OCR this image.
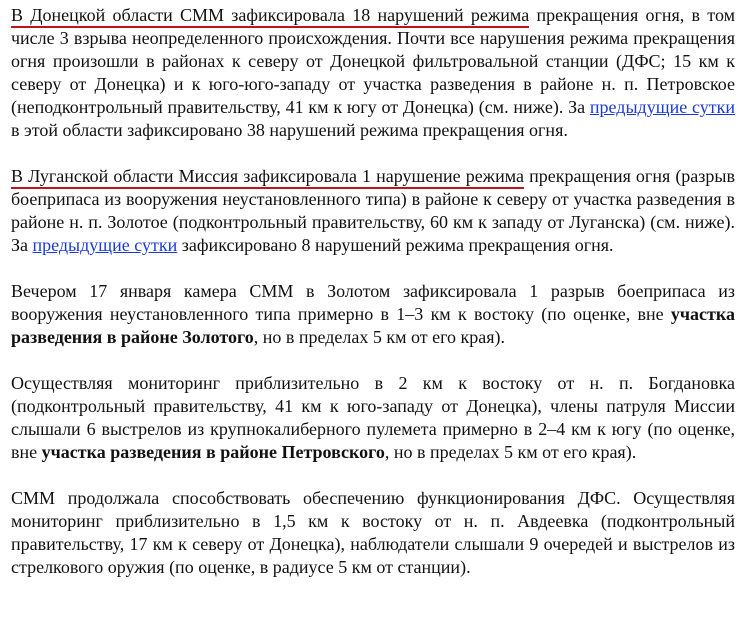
В Донецкой области СММ зафиксировала 18 нарушений режима прекращения огня, в том числе 3 взрыва неопределенного происхождения. Почти все нарушения режима прекращения огня произошли в районах к северу от Донецкой фильтровальной станции (ДФС; 15 км к северу от Донецка) и к юго-юго-западу от участка разведения в районе н. п. Петровское (неподконтрольный правительству, 41 км к югу от Донецка) (см. ниже). За предыдущие сутки в этой области зафиксировано 38 нарушений режима прекращения огня.

В Луганской области Миссия зафиксировала 1 нарушение режима прекращения огня (разрыв боеприпаса из вооружения неустановленного типа) в районе к северу от участка разведения в районе н. п. Золотое (подконтрольный правительству, 60 км к западу от Луганска) (см. ниже). За предыдущие сутки зафиксировано 8 нарушений режима прекращения огня.

Вечером 17 января камера СММ в Золотом зафиксировала 1 разрыв боеприпаса из вооружения неустановленного типа примерно в 1–3 км к востоку (по оценке, вне участка разведения в районе Золотого, но в пределах 5 км от его края).

Осуществляя мониторинг приблизительно в 2 км к востоку от н. п. Богдановка (подконтрольный правительству, 41 км к юго-западу от Донецка), члены патруля Миссии слышали 6 выстрелов из крупнокалиберного пулемета примерно в 2–4 км к югу (по оценке, вне участка разведения в районе Петровского, но в пределах 5 км от его края).

СММ продолжала способствовать обеспечению функционирования ДФС. Осуществляя мониторинг приблизительно в 1,5 км к востоку от н. п. Авдеевка (подконтрольный правительству, 17 км к северу от Донецка), наблюдатели слышали 9 очередей и выстрелов из стрелкового оружия (по оценке, в радиусе 5 км от станции).
